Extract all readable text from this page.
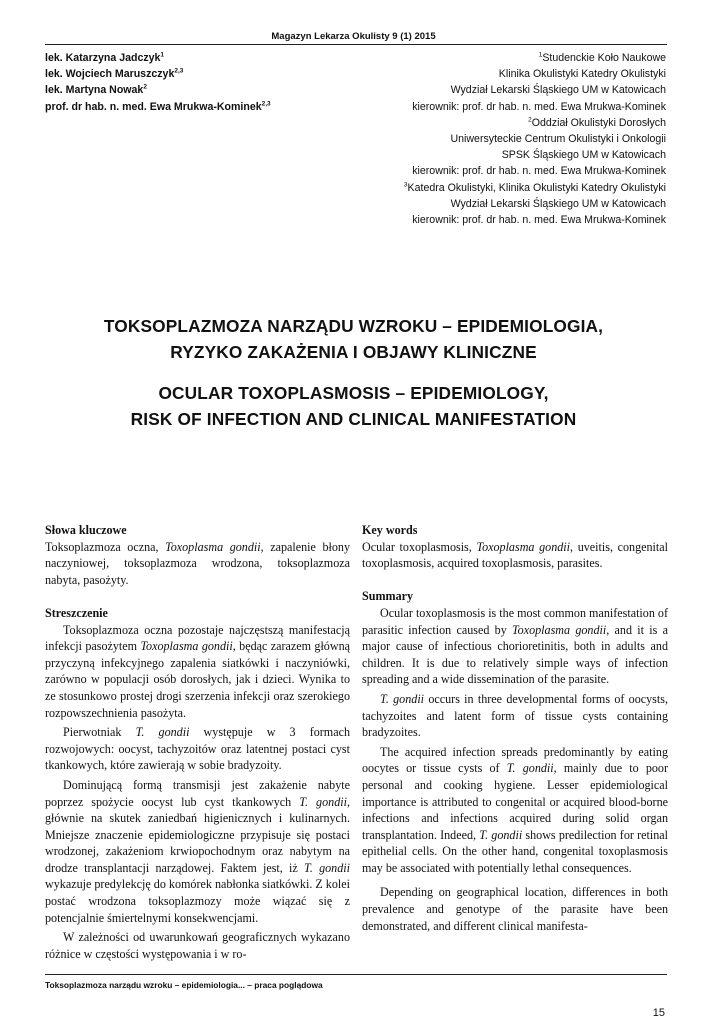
Magazyn Lekarza Okulisty 9 (1) 2015
lek. Katarzyna Jadczyk$^1$
lek. Wojciech Maruszczyk$^{2,3}$
lek. Martyna Nowak$^2$
prof. dr hab. n. med. Ewa Mrukwa-Kominek$^{2,3}$
$^1$Studenckie Koło Naukowe
Klinika Okulistyki Katedry Okulistyki
Wydział Lekarski Śląskiego UM w Katowicach
kierownik: prof. dr hab. n. med. Ewa Mrukwa-Kominek
$^2$Oddział Okulistyki Dorosłych
Uniwersyteckie Centrum Okulistyki i Onkologii
SPSK Śląskiego UM w Katowicach
kierownik: prof. dr hab. n. med. Ewa Mrukwa-Kominek
$^3$Katedra Okulistyki, Klinika Okulistyki Katedry Okulistyki
Wydział Lekarski Śląskiego UM w Katowicach
kierownik: prof. dr hab. n. med. Ewa Mrukwa-Kominek
TOKSOPLAZMOZA NARZĄDU WZROKU – EPIDEMIOLOGIA,
RYZYKO ZAKAŻENIA I OBJAWY KLINICZNE
OCULAR TOXOPLASMOSIS – EPIDEMIOLOGY,
RISK OF INFECTION AND CLINICAL MANIFESTATION
Słowa kluczowe

Toksoplazmoza oczna, Toxoplasma gondii, zapalenie błony naczyniowej, toksoplazmoza wrodzona, toksoplazmoza nabyta, pasożyty.

Streszczenie

Toksoplazmoza oczna pozostaje najczęstszą manifestacją infekcji pasożytem Toxoplasma gondii, będąc zarazem główną przyczyną infekcyjnego zapalenia siatkówki i naczyniówki, zarówno w populacji osób dorosłych, jak i dzieci. Wynika to ze stosunkowo prostej drogi szerzenia infekcji oraz szerokiego rozpowszechnienia pasożyta.

Pierwotniak T. gondii występuje w 3 formach rozwojowych: oocyst, tachyzoitów oraz latentnej postaci cyst tkankowych, które zawierają w sobie bradyzoity.

Dominującą formą transmisji jest zakażenie nabyte poprzez spożycie oocyst lub cyst tkankowych T. gondii, głównie na skutek zaniedbań higienicznych i kulinarnych. Mniejsze znaczenie epidemiologiczne przypisuje się postaci wrodzonej, zakażeniom krwiopochodnym oraz nabytym na drodze transplantacji narządowej. Faktem jest, iż T. gondii wykazuje predylekcję do komórek nabłonka siatkówki. Z kolei postać wrodzona toksoplazmozy może wiązać się z potencjalnie śmiertelnymi konsekwencjami.

W zależności od uwarunkowań geograficznych wykazano różnice w częstości występowania i w ro-

Key words

Ocular toxoplasmosis, Toxoplasma gondii, uveitis, congenital toxoplasmosis, acquired toxoplasmosis, parasites.

Summary

Ocular toxoplasmosis is the most common manifestation of parasitic infection caused by Toxoplasma gondii, and it is a major cause of infectious chorioretinitis, both in adults and children. It is due to relatively simple ways of infection spreading and a wide dissemination of the parasite.

T. gondii occurs in three developmental forms of oocysts, tachyzoites and latent form of tissue cysts containing bradyzoites.

The acquired infection spreads predominantly by eating oocytes or tissue cysts of T. gondii, mainly due to poor personal and cooking hygiene. Lesser epidemiological importance is attributed to congenital or acquired blood-borne infections and infections acquired during solid organ transplantation. Indeed, T. gondii shows predilection for retinal epithelial cells. On the other hand, congenital toxoplasmosis may be associated with potentially lethal consequences.

Depending on geographical location, differences in both prevalence and genotype of the parasite have been demonstrated, and different clinical manifesta-

Toksoplazmoza narządu wzroku – epidemiologia... – praca poglądowa
15
